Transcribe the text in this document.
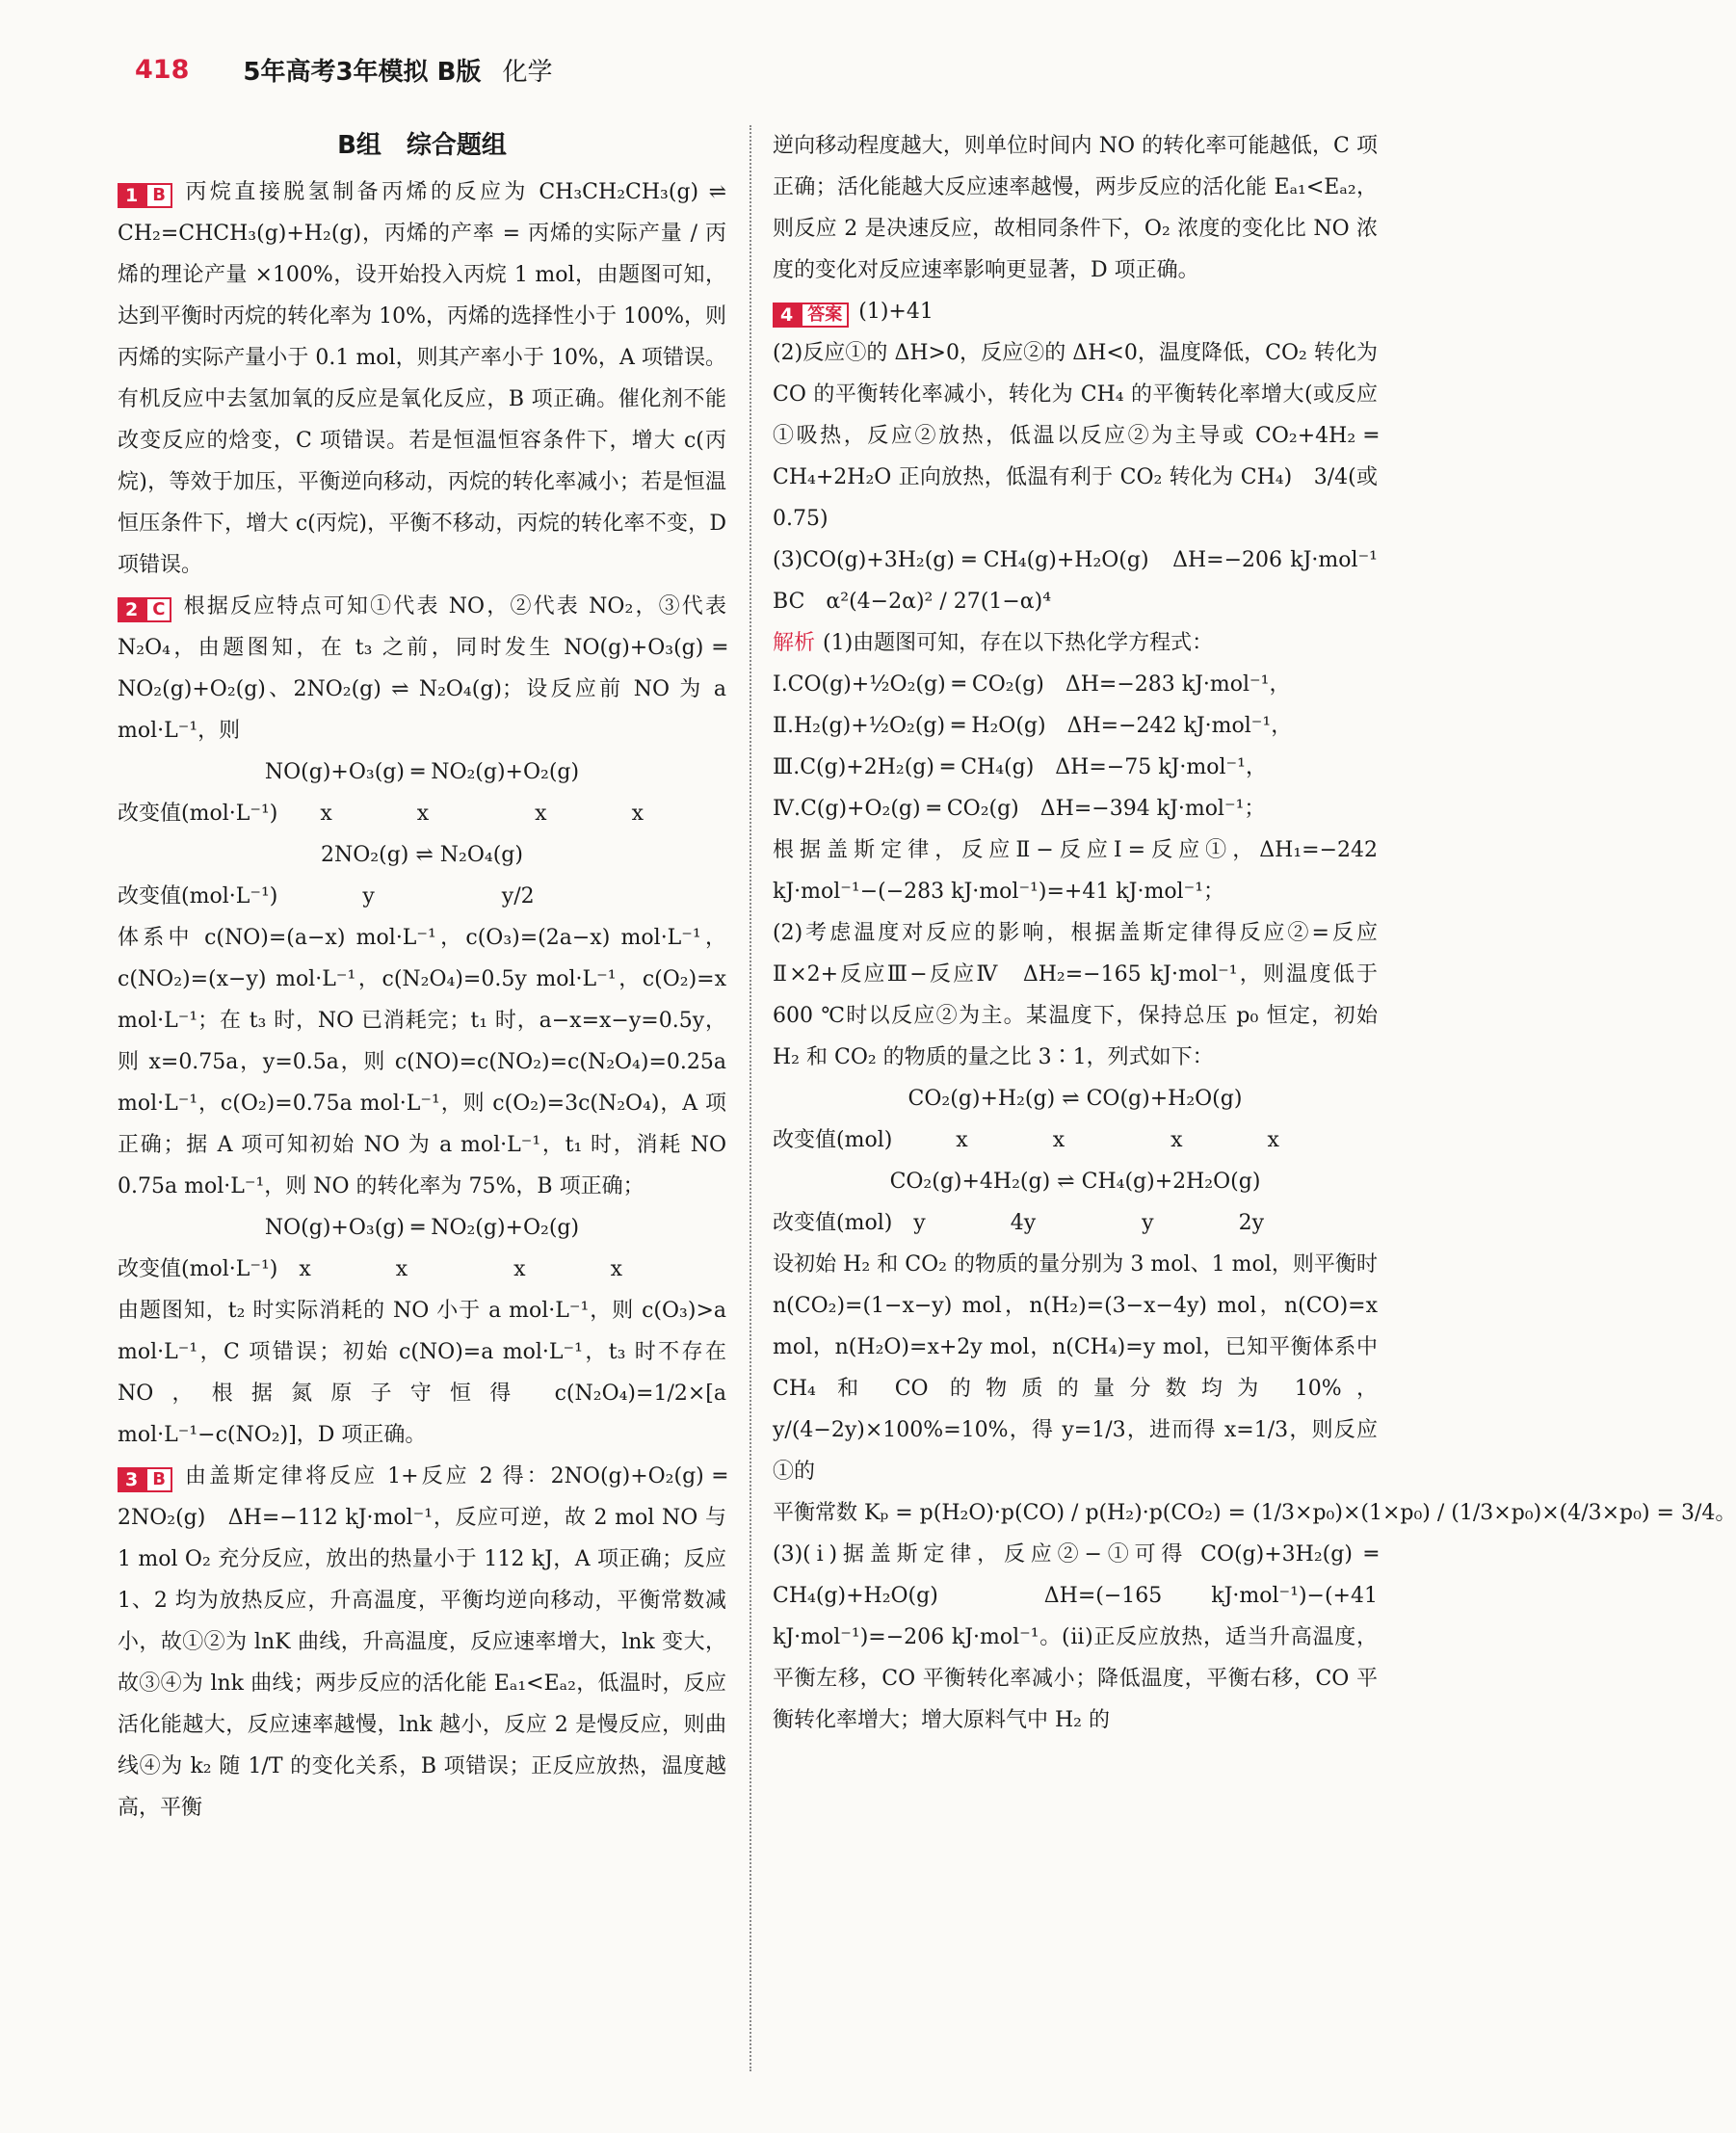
418 5年高考3年模拟 B版 化学
B组　综合题组
1 B 丙烷直接脱氢制备丙烯的反应为 CH₃CH₂CH₃(g) ⇌ CH₂=CHCH₃(g)+H₂(g)，丙烯的产率 = 丙烯的实际产量 / 丙烯的理论产量 ×100%，设开始投入丙烷 1 mol，由题图可知，达到平衡时丙烷的转化率为 10%，丙烯的选择性小于 100%，则丙烯的实际产量小于 0.1 mol，则其产率小于 10%，A 项错误。有机反应中去氢加氧的反应是氧化反应，B 项正确。催化剂不能改变反应的焓变，C 项错误。若是恒温恒容条件下，增大 c(丙烷)，等效于加压，平衡逆向移动，丙烷的转化率减小；若是恒温恒压条件下，增大 c(丙烷)，平衡不移动，丙烷的转化率不变，D 项错误。
2 C 根据反应特点可知①代表 NO，②代表 NO₂，③代表 N₂O₄，由题图知，在 t₃ 之前，同时发生 NO(g)+O₃(g) ═ NO₂(g)+O₂(g)、2NO₂(g) ⇌ N₂O₄(g)；设反应前 NO 为 a mol·L⁻¹，则
NO(g)+O₃(g) ═ NO₂(g)+O₂(g)
改变值(mol·L⁻¹)　　x　　　　x　　　　　x　　　　x
2NO₂(g) ⇌ N₂O₄(g)
改变值(mol·L⁻¹)　　　　y　　　　　　y/2
体系中 c(NO)=(a−x) mol·L⁻¹，c(O₃)=(2a−x) mol·L⁻¹，c(NO₂)=(x−y) mol·L⁻¹，c(N₂O₄)=0.5y mol·L⁻¹，c(O₂)=x mol·L⁻¹；在 t₃ 时，NO 已消耗完；t₁ 时，a−x=x−y=0.5y，则 x=0.75a，y=0.5a，则 c(NO)=c(NO₂)=c(N₂O₄)=0.25a mol·L⁻¹，c(O₂)=0.75a mol·L⁻¹，则 c(O₂)=3c(N₂O₄)，A 项正确；据 A 项可知初始 NO 为 a mol·L⁻¹，t₁ 时，消耗 NO 0.75a mol·L⁻¹，则 NO 的转化率为 75%，B 项正确；
NO(g)+O₃(g) ═ NO₂(g)+O₂(g)
改变值(mol·L⁻¹)　x　　　　x　　　　　x　　　　x
由题图知，t₂ 时实际消耗的 NO 小于 a mol·L⁻¹，则 c(O₃)>a mol·L⁻¹，C 项错误；初始 c(NO)=a mol·L⁻¹，t₃ 时不存在 NO，根据氮原子守恒得 c(N₂O₄)=1/2×[a mol·L⁻¹−c(NO₂)]，D 项正确。
3 B 由盖斯定律将反应 1+反应 2 得：2NO(g)+O₂(g) ═ 2NO₂(g)　ΔH=−112 kJ·mol⁻¹，反应可逆，故 2 mol NO 与 1 mol O₂ 充分反应，放出的热量小于 112 kJ，A 项正确；反应 1、2 均为放热反应，升高温度，平衡均逆向移动，平衡常数减小，故①②为 lnK 曲线，升高温度，反应速率增大，lnk 变大，故③④为 lnk 曲线；两步反应的活化能 Eₐ₁<Eₐ₂，低温时，反应活化能越大，反应速率越慢，lnk 越小，反应 2 是慢反应，则曲线④为 k₂ 随 1/T 的变化关系，B 项错误；正反应放热，温度越高，平衡
逆向移动程度越大，则单位时间内 NO 的转化率可能越低，C 项正确；活化能越大反应速率越慢，两步反应的活化能 Eₐ₁<Eₐ₂，则反应 2 是决速反应，故相同条件下，O₂ 浓度的变化比 NO 浓度的变化对反应速率影响更显著，D 项正确。
4 答案 (1)+41
(2)反应①的 ΔH>0，反应②的 ΔH<0，温度降低，CO₂ 转化为 CO 的平衡转化率减小，转化为 CH₄ 的平衡转化率增大(或反应①吸热，反应②放热，低温以反应②为主导或 CO₂+4H₂ ═ CH₄+2H₂O 正向放热，低温有利于 CO₂ 转化为 CH₄)　3/4(或 0.75)
(3)CO(g)+3H₂(g) ═ CH₄(g)+H₂O(g)　ΔH=−206 kJ·mol⁻¹　BC　α²(4−2α)² / 27(1−α)⁴
解析 (1)由题图可知，存在以下热化学方程式：
Ⅰ.CO(g)+½O₂(g) ═ CO₂(g)　ΔH=−283 kJ·mol⁻¹，
Ⅱ.H₂(g)+½O₂(g) ═ H₂O(g)　ΔH=−242 kJ·mol⁻¹，
Ⅲ.C(g)+2H₂(g) ═ CH₄(g)　ΔH=−75 kJ·mol⁻¹，
Ⅳ.C(g)+O₂(g) ═ CO₂(g)　ΔH=−394 kJ·mol⁻¹；
根据盖斯定律，反应Ⅱ−反应Ⅰ=反应①，ΔH₁=−242 kJ·mol⁻¹−(−283 kJ·mol⁻¹)=+41 kJ·mol⁻¹；
(2)考虑温度对反应的影响，根据盖斯定律得反应②=反应Ⅱ×2+反应Ⅲ−反应Ⅳ　ΔH₂=−165 kJ·mol⁻¹，则温度低于 600 ℃时以反应②为主。某温度下，保持总压 p₀ 恒定，初始 H₂ 和 CO₂ 的物质的量之比 3∶1，列式如下：
CO₂(g)+H₂(g) ⇌ CO(g)+H₂O(g)
改变值(mol)　　　x　　　　x　　　　　x　　　　x
CO₂(g)+4H₂(g) ⇌ CH₄(g)+2H₂O(g)
改变值(mol)　y　　　　4y　　　　　y　　　　2y
设初始 H₂ 和 CO₂ 的物质的量分别为 3 mol、1 mol，则平衡时 n(CO₂)=(1−x−y) mol，n(H₂)=(3−x−4y) mol，n(CO)=x mol，n(H₂O)=x+2y mol，n(CH₄)=y mol，已知平衡体系中 CH₄ 和 CO 的物质的量分数均为 10%，y/(4−2y)×100%=10%，得 y=1/3，进而得 x=1/3，则反应①的
平衡常数 Kₚ = p(H₂O)·p(CO) / p(H₂)·p(CO₂) = (1/3×p₀)×(1×p₀) / (1/3×p₀)×(4/3×p₀) = 3/4。
(3)(ⅰ)据盖斯定律，反应②−①可得 CO(g)+3H₂(g) ═ CH₄(g)+H₂O(g)　ΔH=(−165 kJ·mol⁻¹)−(+41 kJ·mol⁻¹)=−206 kJ·mol⁻¹。(ⅱ)正反应放热，适当升高温度，平衡左移，CO 平衡转化率减小；降低温度，平衡右移，CO 平衡转化率增大；增大原料气中 H₂ 的
